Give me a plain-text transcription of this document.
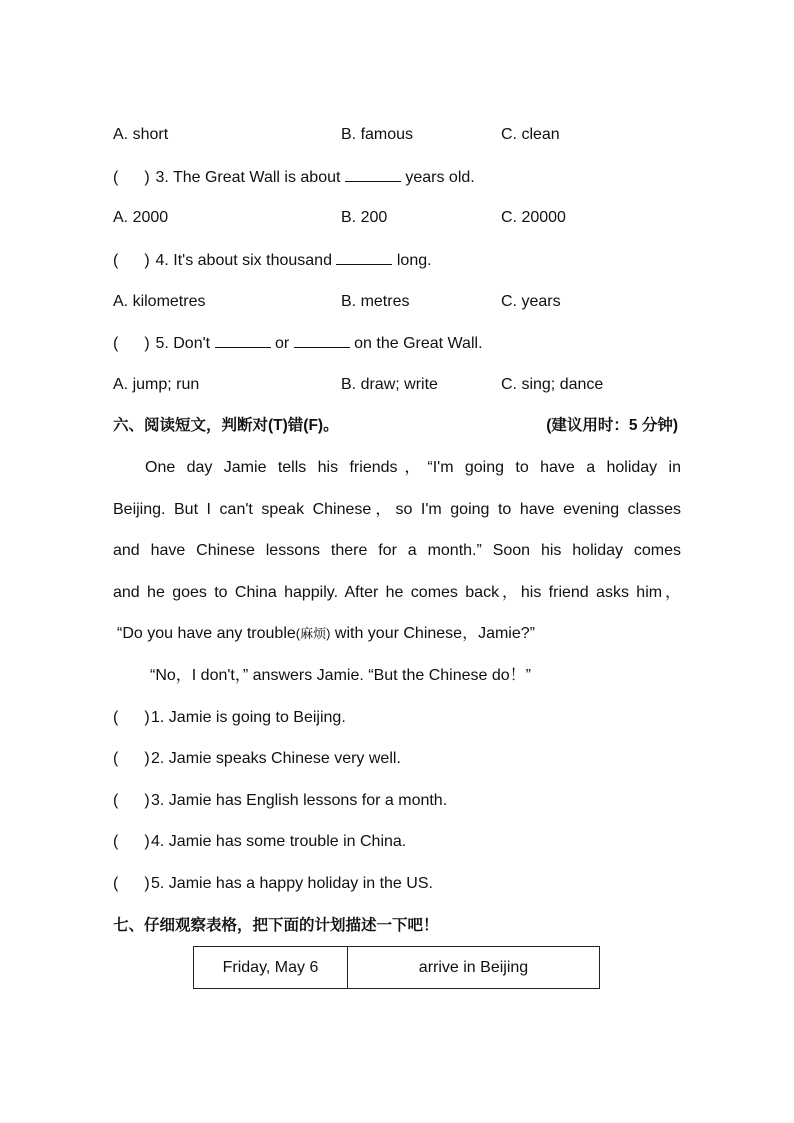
A. short	B. famous	C. clean
( ) 3. The Great Wall is about	years old.
A. 2000	B. 200	C. 20000
( ) 4. It's about six thousand	long.
A. kilometres	B. metres	C. years
( ) 5. Don't	or	on the Great Wall.
A. jump; run	B. draw; write	C. sing; dance
六、阅读短文，判断对(T)错(F)。	(建议用时：5 分钟)
One day Jamie tells his friends，“I'm going to have a holiday in
Beijing. But I can't speak Chinese，so I'm going to have evening classes
and have Chinese lessons there for a month.” Soon his holiday comes
and he goes to China happily. After he comes back，his friend asks him，
“Do you have any trouble(麻烦) with your Chinese，Jamie?”
“No，I don't，” answers Jamie. “But the Chinese do！”
( )1. Jamie is going to Beijing.
( )2. Jamie speaks Chinese very well.
( )3. Jamie has English lessons for a month.
( )4. Jamie has some trouble in China.
( )5. Jamie has a happy holiday in the US.
七、仔细观察表格，把下面的计划描述一下吧！
Friday, May 6	arrive in Beijing
